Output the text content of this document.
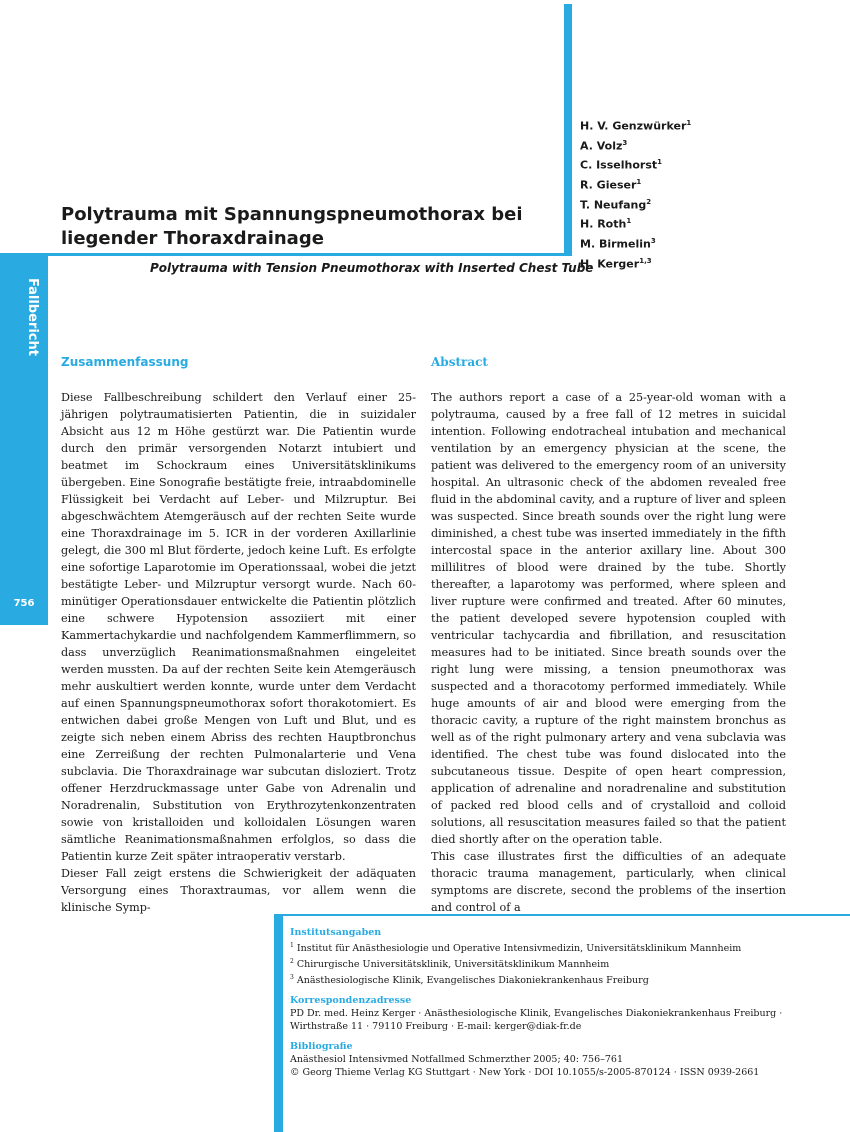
Fallbericht
756
H. V. Genzwürker$^1$
A. Volz$^3$
C. Isselhorst$^1$
R. Gieser$^1$
T. Neufang$^2$
H. Roth$^1$
M. Birmelin$^3$
H. Kerger$^{1,3}$
Polytrauma mit Spannungspneumothorax bei
liegender Thoraxdrainage
Polytrauma with Tension Pneumothorax with Inserted Chest Tube
Zusammenfassung

Diese Fallbeschreibung schildert den Verlauf einer 25-jährigen polytraumatisierten Patientin, die in suizidaler Absicht aus 12 m Höhe gestürzt war. Die Patientin wurde durch den primär versorgenden Notarzt intubiert und beatmet im Schockraum eines Universitätsklinikums übergeben. Eine Sonografie bestätigte freie, intraabdominelle Flüssigkeit bei Verdacht auf Leber- und Milzruptur. Bei abgeschwächtem Atemgeräusch auf der rechten Seite wurde eine Thoraxdrainage im 5. ICR in der vorderen Axillarlinie gelegt, die 300 ml Blut förderte, jedoch keine Luft. Es erfolgte eine sofortige Laparotomie im Operationssaal, wobei die jetzt bestätigte Leber- und Milzruptur versorgt wurde. Nach 60-minütiger Operationsdauer entwickelte die Patientin plötzlich eine schwere Hypotension assoziiert mit einer Kammertachykardie und nachfolgendem Kammerflimmern, so dass unverzüglich Reanimationsmaßnahmen eingeleitet werden mussten. Da auf der rechten Seite kein Atemgeräusch mehr auskultiert werden konnte, wurde unter dem Verdacht auf einen Spannungspneumothorax sofort thorakotomiert. Es entwichen dabei große Mengen von Luft und Blut, und es zeigte sich neben einem Abriss des rechten Hauptbronchus eine Zerreißung der rechten Pulmonalarterie und Vena subclavia. Die Thoraxdrainage war subcutan disloziert. Trotz offener Herzdruckmassage unter Gabe von Adrenalin und Noradrenalin, Substitution von Erythrozytenkonzentraten sowie von kristalloiden und kolloidalen Lösungen waren sämtliche Reanimationsmaßnahmen erfolglos, so dass die Patientin kurze Zeit später intraoperativ verstarb.

Dieser Fall zeigt erstens die Schwierigkeit der adäquaten Versorgung eines Thoraxtraumas, vor allem wenn die klinische Symp-

Abstract

The authors report a case of a 25-year-old woman with a polytrauma, caused by a free fall of 12 metres in suicidal intention. Following endotracheal intubation and mechanical ventilation by an emergency physician at the scene, the patient was delivered to the emergency room of an university hospital. An ultrasonic check of the abdomen revealed free fluid in the abdominal cavity, and a rupture of liver and spleen was suspected. Since breath sounds over the right lung were diminished, a chest tube was inserted immediately in the fifth intercostal space in the anterior axillary line. About 300 millilitres of blood were drained by the tube. Shortly thereafter, a laparotomy was performed, where spleen and liver rupture were confirmed and treated. After 60 minutes, the patient developed severe hypotension coupled with ventricular tachycardia and fibrillation, and resuscitation measures had to be initiated. Since breath sounds over the right lung were missing, a tension pneumothorax was suspected and a thoracotomy performed immediately. While huge amounts of air and blood were emerging from the thoracic cavity, a rupture of the right mainstem bronchus as well as of the right pulmonary artery and vena subclavia was identified. The chest tube was found dislocated into the subcutaneous tissue. Despite of open heart compression, application of adrenaline and noradrenaline and substitution of packed red blood cells and of crystalloid and colloid solutions, all resuscitation measures failed so that the patient died shortly after on the operation table.

This case illustrates first the difficulties of an adequate thoracic trauma management, particularly, when clinical symptoms are discrete, second the problems of the insertion and control of a

Institutsangaben
$^1$ Institut für Anästhesiologie und Operative Intensivmedizin, Universitätsklinikum Mannheim
$^2$ Chirurgische Universitätsklinik, Universitätsklinikum Mannheim
$^3$ Anästhesiologische Klinik, Evangelisches Diakoniekrankenhaus Freiburg
Korrespondenzadresse
PD Dr. med. Heinz Kerger · Anästhesiologische Klinik, Evangelisches Diakoniekrankenhaus Freiburg ·
Wirthstraße 11 · 79110 Freiburg · E-mail: kerger@diak-fr.de
Bibliografie
Anästhesiol Intensivmed Notfallmed Schmerzther 2005; 40: 756–761
© Georg Thieme Verlag KG Stuttgart · New York · DOI 10.1055/s-2005-870124 · ISSN 0939-2661
